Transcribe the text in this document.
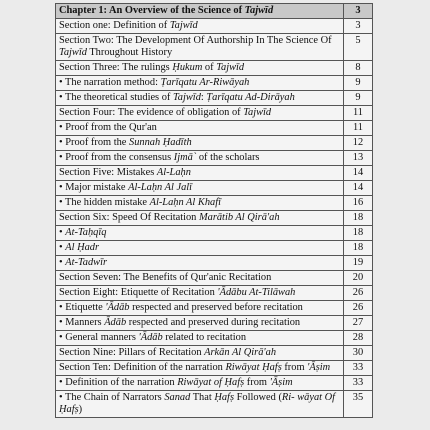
Chapter 1: An Overview of the Science of Tajwīd	3
Section one: Definition of Tajwīd	3
Section Two: The Development Of Authorship In The Science Of Tajwīd Throughout History	5
Section Three: The rulings Ḥukum of Tajwīd	8
• The narration method: Ṭarīqatu Ar-Riwāyah	9
• The theoretical studies of Tajwīd: Ṭarīqatu Ad-Dirāyah	9
Section Four: The evidence of obligation of Tajwīd	11
• Proof from the Qur'an	11
• Proof from the Sunnah Ḥadīth	12
• Proof from the consensus Ijmā` of the scholars	13
Section Five: Mistakes Al-Laḥn	14
• Major mistake Al-Laḥn Al Jalī	14
• The hidden mistake Al-Laḥn Al Khafī	16
Section Six: Speed Of Recitation Marātib Al Qirā'ah	18
• At-Taḥqīq	18
• Al Ḥadr	18
• At-Tadwīr	19
Section Seven: The Benefits of Qur'anic Recitation	20
Section Eight: Etiquette of Recitation 'Ādābu At-Tilāwah	26
• Etiquette 'Ādāb respected and preserved before recitation	26
• Manners Ādāb respected and preserved during recitation	27
• General manners 'Ādāb related to recitation	28
Section Nine: Pillars of Recitation Arkān Al Qirā'ah	30
Section Ten: Definition of the narration Riwāyat Ḥafṣ from 'Āṣim	33
• Definition of the narration Riwāyat of Ḥafṣ from 'Āṣim	33
• The Chain of Narrators Sanad That Ḥafṣ Followed (Ri- wāyat Of Ḥafṣ)	35
